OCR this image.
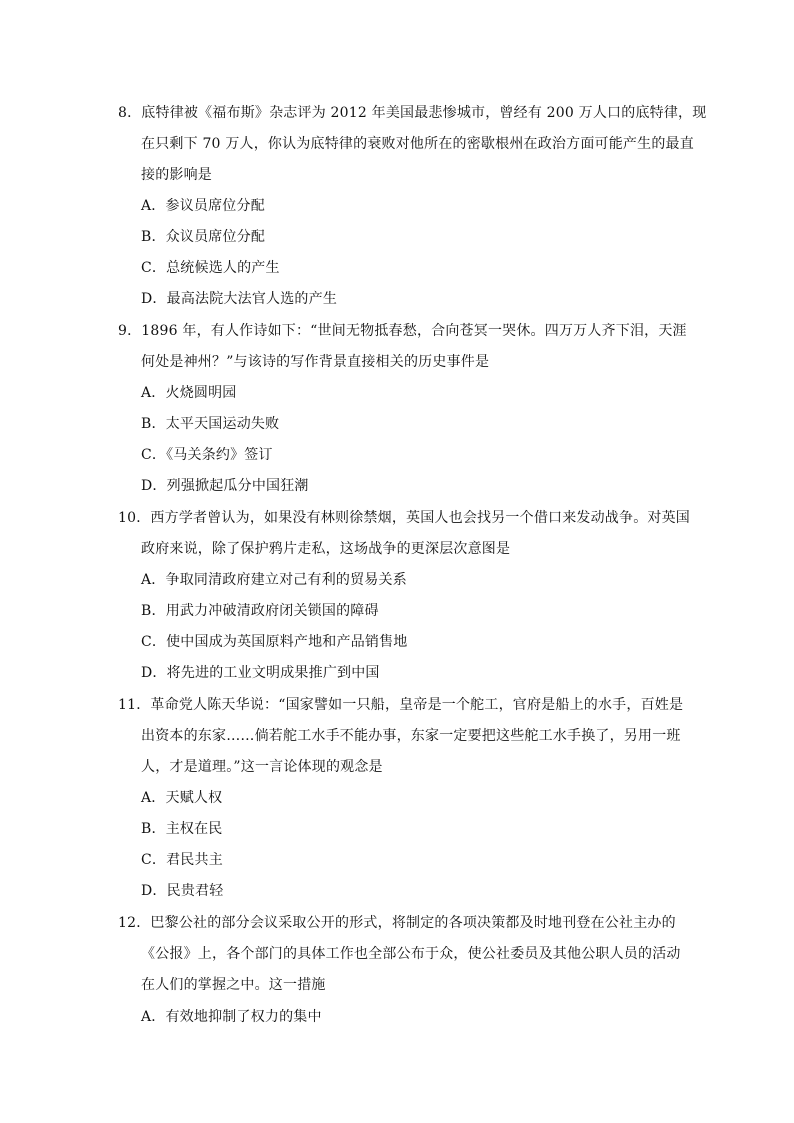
8．底特律被《福布斯》杂志评为 2012 年美国最悲惨城市，曾经有 200 万人口的底特律，现
在只剩下 70 万人，你认为底特律的衰败对他所在的密歇根州在政治方面可能产生的最直
接的影响是
A．参议员席位分配
B．众议员席位分配
C．总统候选人的产生
D．最高法院大法官人选的产生
9．1896 年，有人作诗如下：“世间无物抵春愁，合向苍冥一哭休。四万万人齐下泪，天涯
何处是神州？”与该诗的写作背景直接相关的历史事件是
A．火烧圆明园
B．太平天国运动失败
C．《马关条约》签订
D．列强掀起瓜分中国狂潮
10．西方学者曾认为，如果没有林则徐禁烟，英国人也会找另一个借口来发动战争。对英国
政府来说，除了保护鸦片走私，这场战争的更深层次意图是
A．争取同清政府建立对己有利的贸易关系
B．用武力冲破清政府闭关锁国的障碍
C．使中国成为英国原料产地和产品销售地
D．将先进的工业文明成果推广到中国
11．革命党人陈天华说：“国家譬如一只船，皇帝是一个舵工，官府是船上的水手，百姓是
出资本的东家……倘若舵工水手不能办事，东家一定要把这些舵工水手换了，另用一班
人，才是道理。”这一言论体现的观念是
A．天赋人权
B．主权在民
C．君民共主
D．民贵君轻
12．巴黎公社的部分会议采取公开的形式，将制定的各项决策都及时地刊登在公社主办的
《公报》上，各个部门的具体工作也全部公布于众，使公社委员及其他公职人员的活动
在人们的掌握之中。这一措施
A．有效地抑制了权力的集中
